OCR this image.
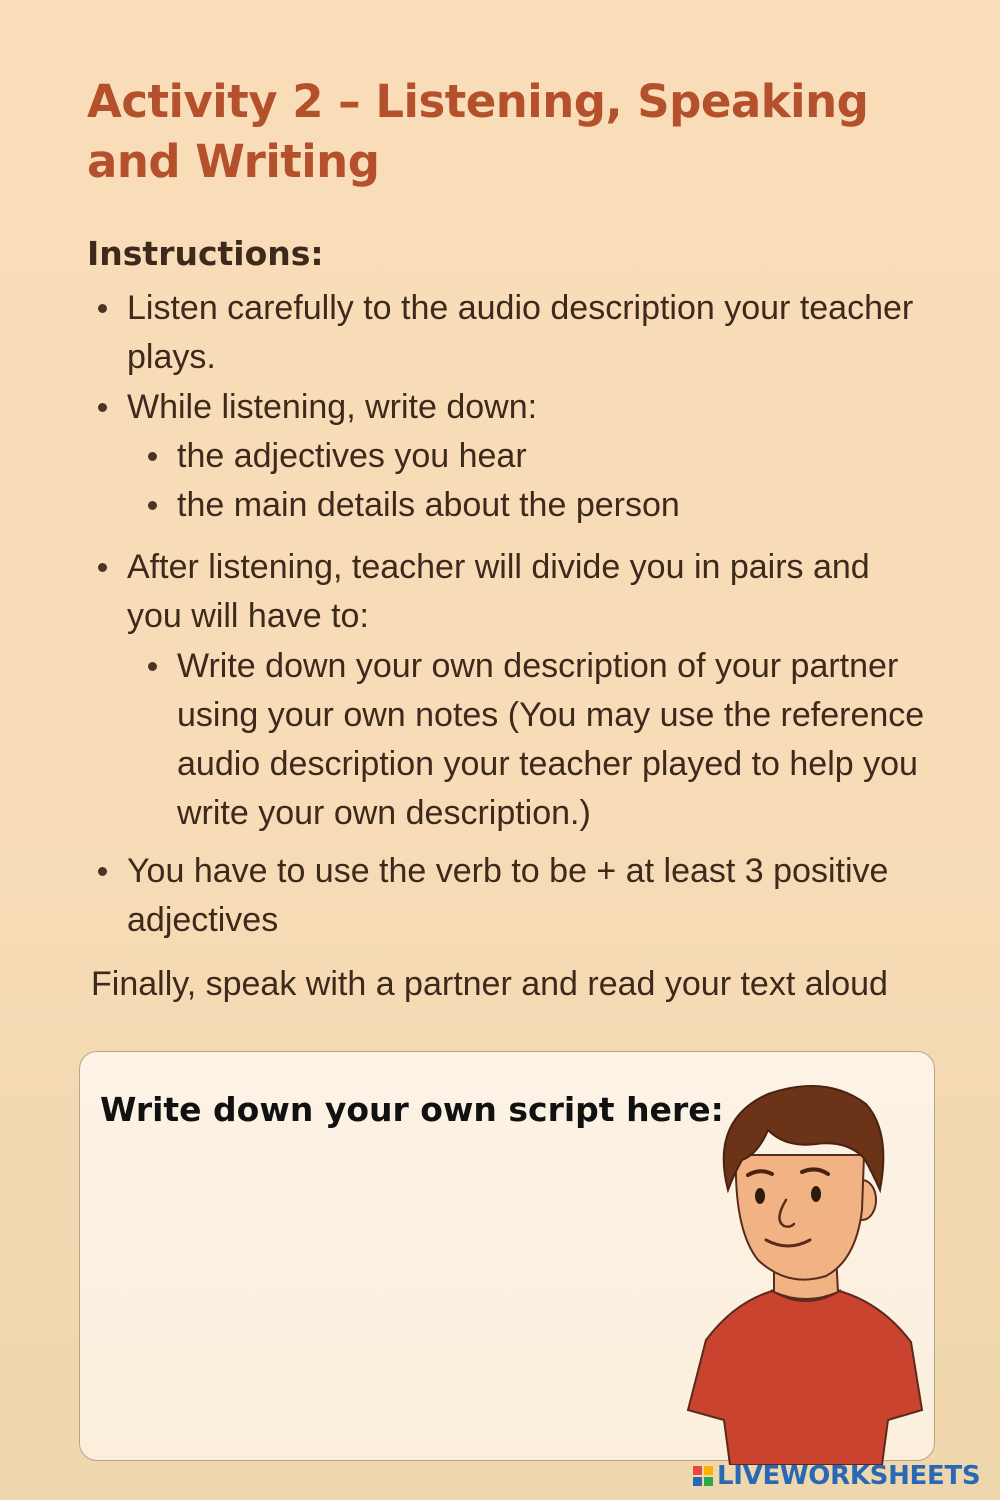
Activity 2 – Listening, Speaking
and Writing
Instructions:
Listen carefully to the audio description your teacher
plays.
While listening, write down:
the adjectives you hear
the main details about the person
After listening, teacher will divide you in pairs and
you will have to:
Write down your own description of your partner
using your own notes (You may use the reference
audio description your teacher played to help you
write your own description.)
You have to use the verb to be + at least 3 positive
adjectives
Finally, speak with a partner and read your text aloud
Write down your own script here:
LIVEWORKSHEETS
